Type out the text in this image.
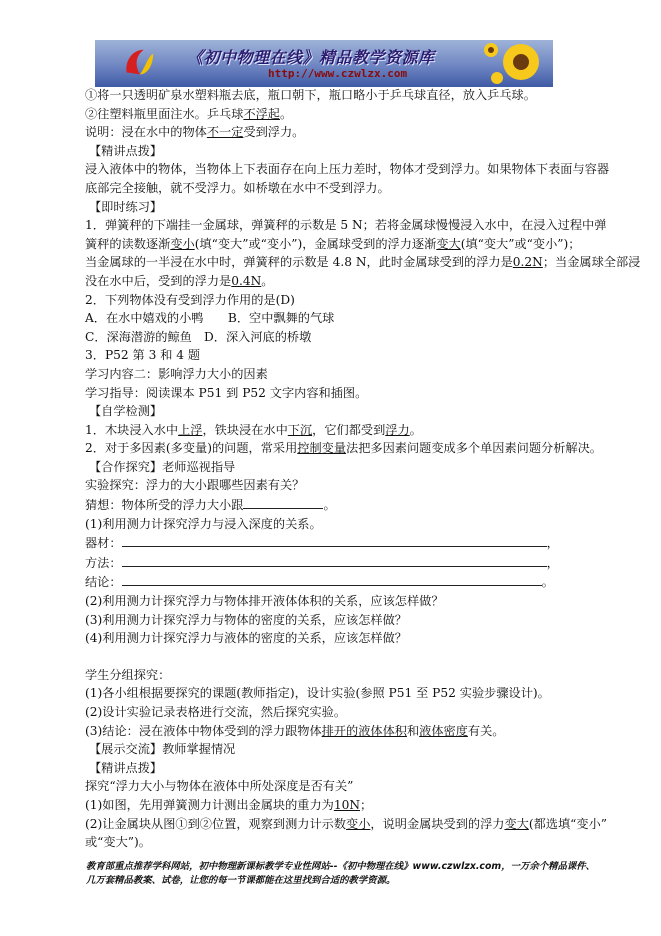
《初中物理在线》精品教学资源库
http://www.czwlzx.com

①将一只透明矿泉水塑料瓶去底，瓶口朝下，瓶口略小于乒乓球直径，放入乒乓球。

②往塑料瓶里面注水。乒乓球不浮起。

说明：浸在水中的物体不一定受到浮力。

【精讲点拨】

浸入液体中的物体，当物体上下表面存在向上压力差时，物体才受到浮力。如果物体下表面与容器

底部完全接触，就不受浮力。如桥墩在水中不受到浮力。

【即时练习】

1．弹簧秤的下端挂一金属球，弹簧秤的示数是 5 N；若将金属球慢慢浸入水中，在浸入过程中弹

簧秤的读数逐渐变小(填“变大”或“变小”)，金属球受到的浮力逐渐变大(填“变大”或“变小”)；

当金属球的一半浸在水中时，弹簧秤的示数是 4.8 N，此时金属球受到的浮力是0.2N；当金属球全部浸

没在水中后，受到的浮力是0.4N。

2．下列物体没有受到浮力作用的是(D)

A．在水中嬉戏的小鸭　　B．空中飘舞的气球

C．深海潜游的鲸鱼　D．深入河底的桥墩

3．P52 第 3 和 4 题

学习内容二：影响浮力大小的因素

学习指导：阅读课本 P51 到 P52 文字内容和插图。

【自学检测】

1．木块浸入水中上浮，铁块浸在水中下沉，它们都受到浮力。

2．对于多因素(多变量)的问题，常采用控制变量法把多因素问题变成多个单因素问题分析解决。

【合作探究】老师巡视指导

实验探究：浮力的大小跟哪些因素有关？

猜想：物体所受的浮力大小跟	。

(1)利用测力计探究浮力与浸入深度的关系。

器材：	，

方法：	，

结论：	。

(2)利用测力计探究浮力与物体排开液体体积的关系，应该怎样做？

(3)利用测力计探究浮力与物体的密度的关系，应该怎样做？

(4)利用测力计探究浮力与液体的密度的关系，应该怎样做？

学生分组探究：

(1)各小组根据要探究的课题(教师指定)，设计实验(参照 P51 至 P52 实验步骤设计)。

(2)设计实验记录表格进行交流，然后探究实验。

(3)结论：浸在液体中物体受到的浮力跟物体排开的液体体积和液体密度有关。

【展示交流】教师掌握情况

【精讲点拨】

探究“浮力大小与物体在液体中所处深度是否有关”

(1)如图，先用弹簧测力计测出金属块的重力为10N；

(2)让金属块从图①到②位置，观察到测力计示数变小，说明金属块受到的浮力变大(都选填“变小”

或“变大”)。

教育部重点推荐学科网站，初中物理新课标教学专业性网站--《初中物理在线》www.czwlzx.com，一万余个精品课件、

几万套精品教案、试卷，让您的每一节课都能在这里找到合适的教学资源。
